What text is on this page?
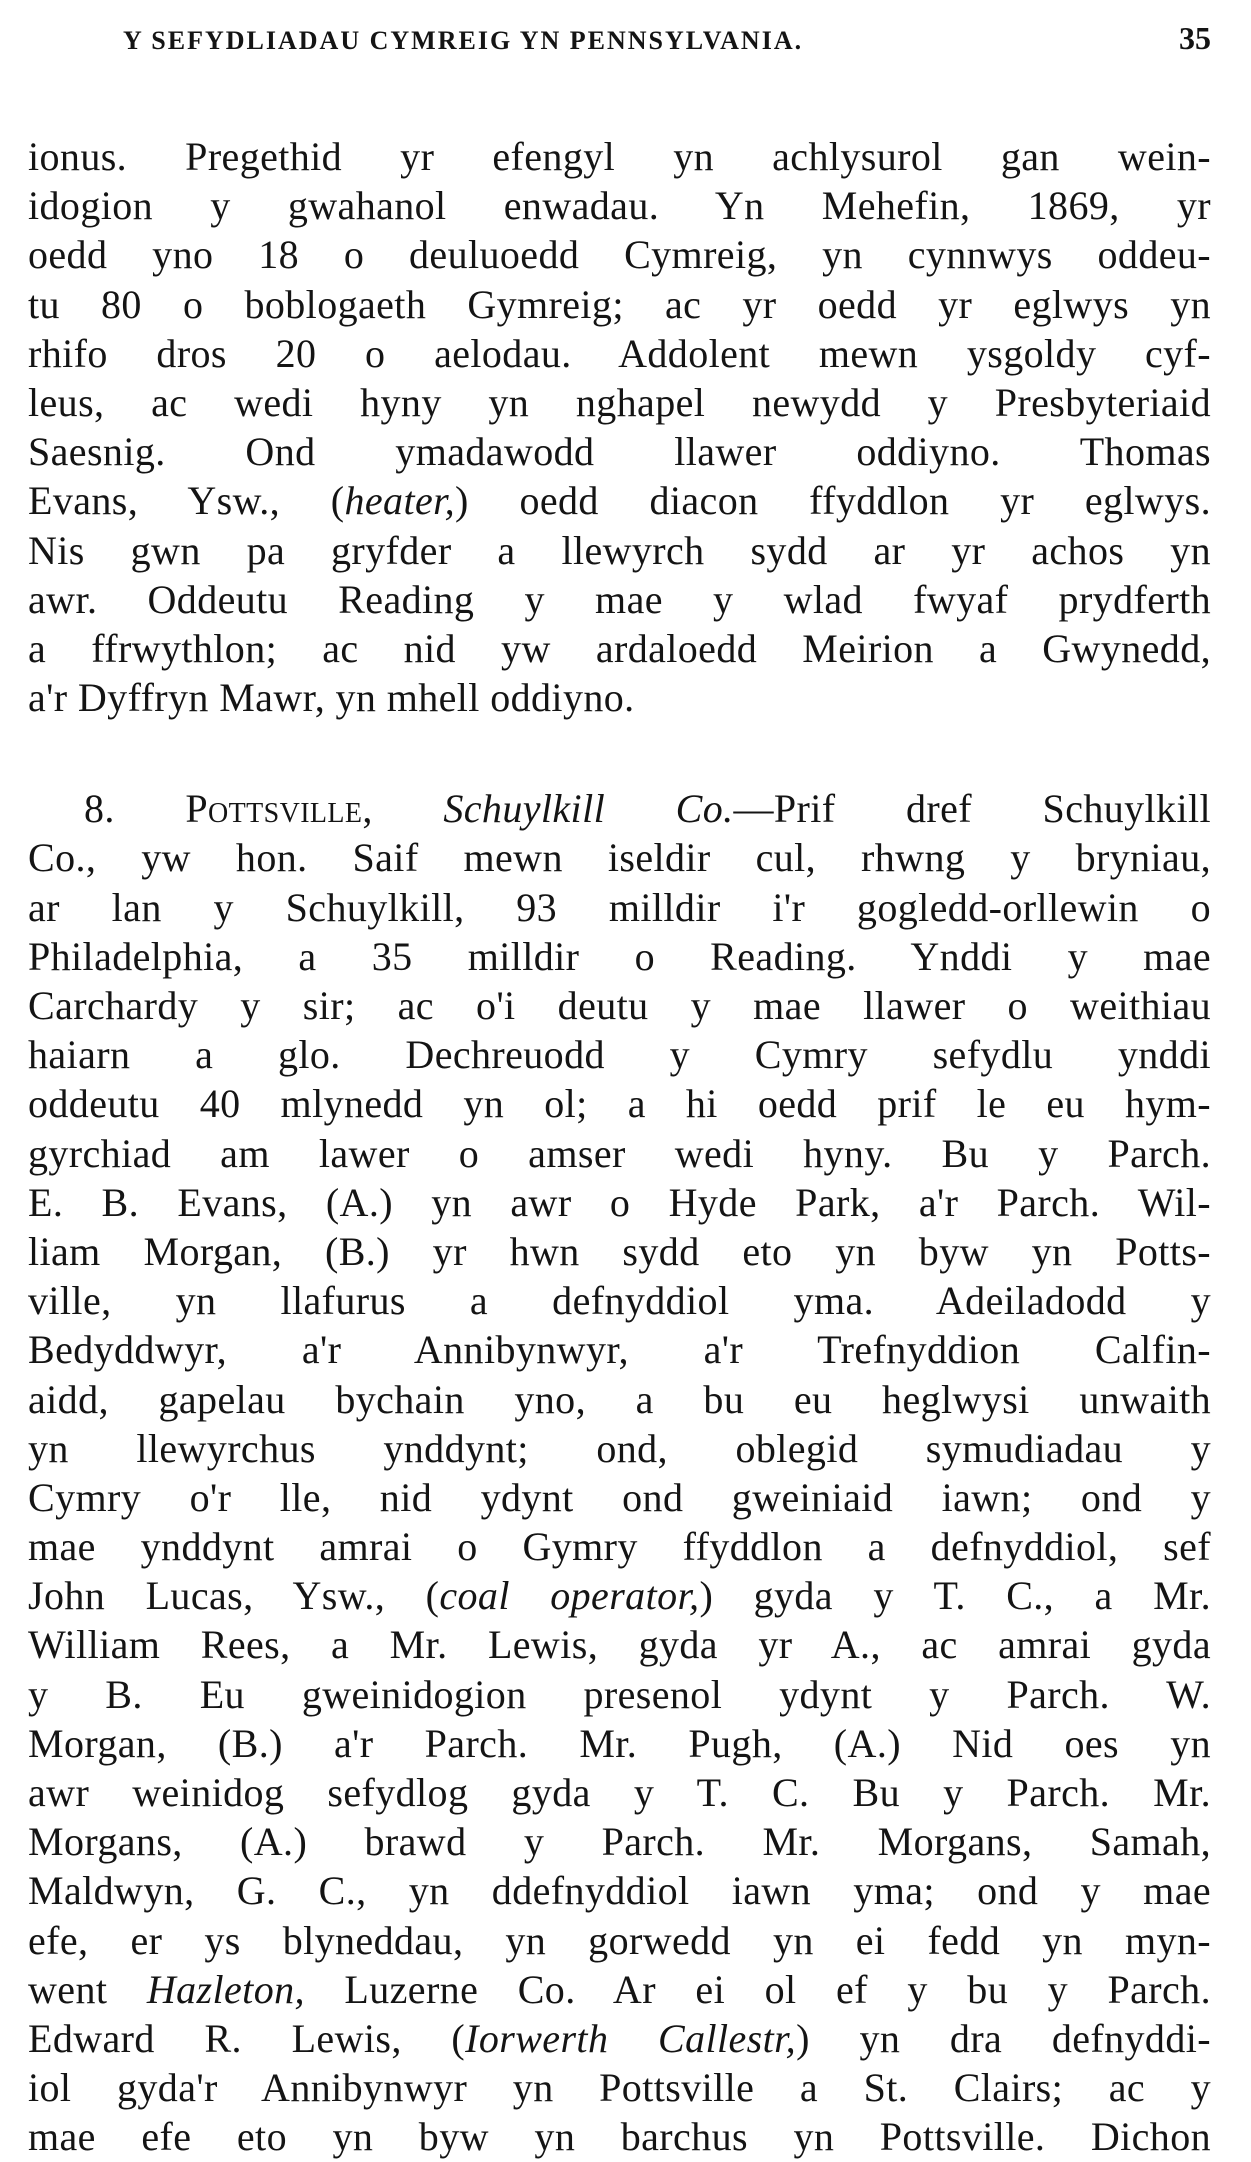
Y SEFYDLIADAU CYMREIG YN PENNSYLVANIA.	35
ionus. Pregethid yr efengyl yn achlysurol gan wein-
idogion y gwahanol enwadau. Yn Mehefin, 1869, yr
oedd yno 18 o deuluoedd Cymreig, yn cynnwys oddeu-
tu 80 o boblogaeth Gymreig; ac yr oedd yr eglwys yn
rhifo dros 20 o aelodau. Addolent mewn ysgoldy cyf-
leus, ac wedi hyny yn nghapel newydd y Presbyteriaid
Saesnig. Ond ymadawodd llawer oddiyno. Thomas
Evans, Ysw., (heater,) oedd diacon ffyddlon yr eglwys.
Nis gwn pa gryfder a llewyrch sydd ar yr achos yn
awr. Oddeutu Reading y mae y wlad fwyaf prydferth
a ffrwythlon; ac nid yw ardaloedd Meirion a Gwynedd,
a'r Dyffryn Mawr, yn mhell oddiyno.
8. Pottsville, Schuylkill Co.—Prif dref Schuylkill
Co., yw hon. Saif mewn iseldir cul, rhwng y bryniau,
ar lan y Schuylkill, 93 milldir i'r gogledd-orllewin o
Philadelphia, a 35 milldir o Reading. Ynddi y mae
Carchardy y sir; ac o'i deutu y mae llawer o weithiau
haiarn a glo. Dechreuodd y Cymry sefydlu ynddi
oddeutu 40 mlynedd yn ol; a hi oedd prif le eu hym-
gyrchiad am lawer o amser wedi hyny. Bu y Parch.
E. B. Evans, (A.) yn awr o Hyde Park, a'r Parch. Wil-
liam Morgan, (B.) yr hwn sydd eto yn byw yn Potts-
ville, yn llafurus a defnyddiol yma. Adeiladodd y
Bedyddwyr, a'r Annibynwyr, a'r Trefnyddion Calfin-
aidd, gapelau bychain yno, a bu eu heglwysi unwaith
yn llewyrchus ynddynt; ond, oblegid symudiadau y
Cymry o'r lle, nid ydynt ond gweiniaid iawn; ond y
mae ynddynt amrai o Gymry ffyddlon a defnyddiol, sef
John Lucas, Ysw., (coal operator,) gyda y T. C., a Mr.
William Rees, a Mr. Lewis, gyda yr A., ac amrai gyda
y B. Eu gweinidogion presenol ydynt y Parch. W.
Morgan, (B.) a'r Parch. Mr. Pugh, (A.) Nid oes yn
awr weinidog sefydlog gyda y T. C. Bu y Parch. Mr.
Morgans, (A.) brawd y Parch. Mr. Morgans, Samah,
Maldwyn, G. C., yn ddefnyddiol iawn yma; ond y mae
efe, er ys blyneddau, yn gorwedd yn ei fedd yn myn-
went Hazleton, Luzerne Co. Ar ei ol ef y bu y Parch.
Edward R. Lewis, (Iorwerth Callestr,) yn dra defnyddi-
iol gyda'r Annibynwyr yn Pottsville a St. Clairs; ac y
mae efe eto yn byw yn barchus yn Pottsville. Dichon
